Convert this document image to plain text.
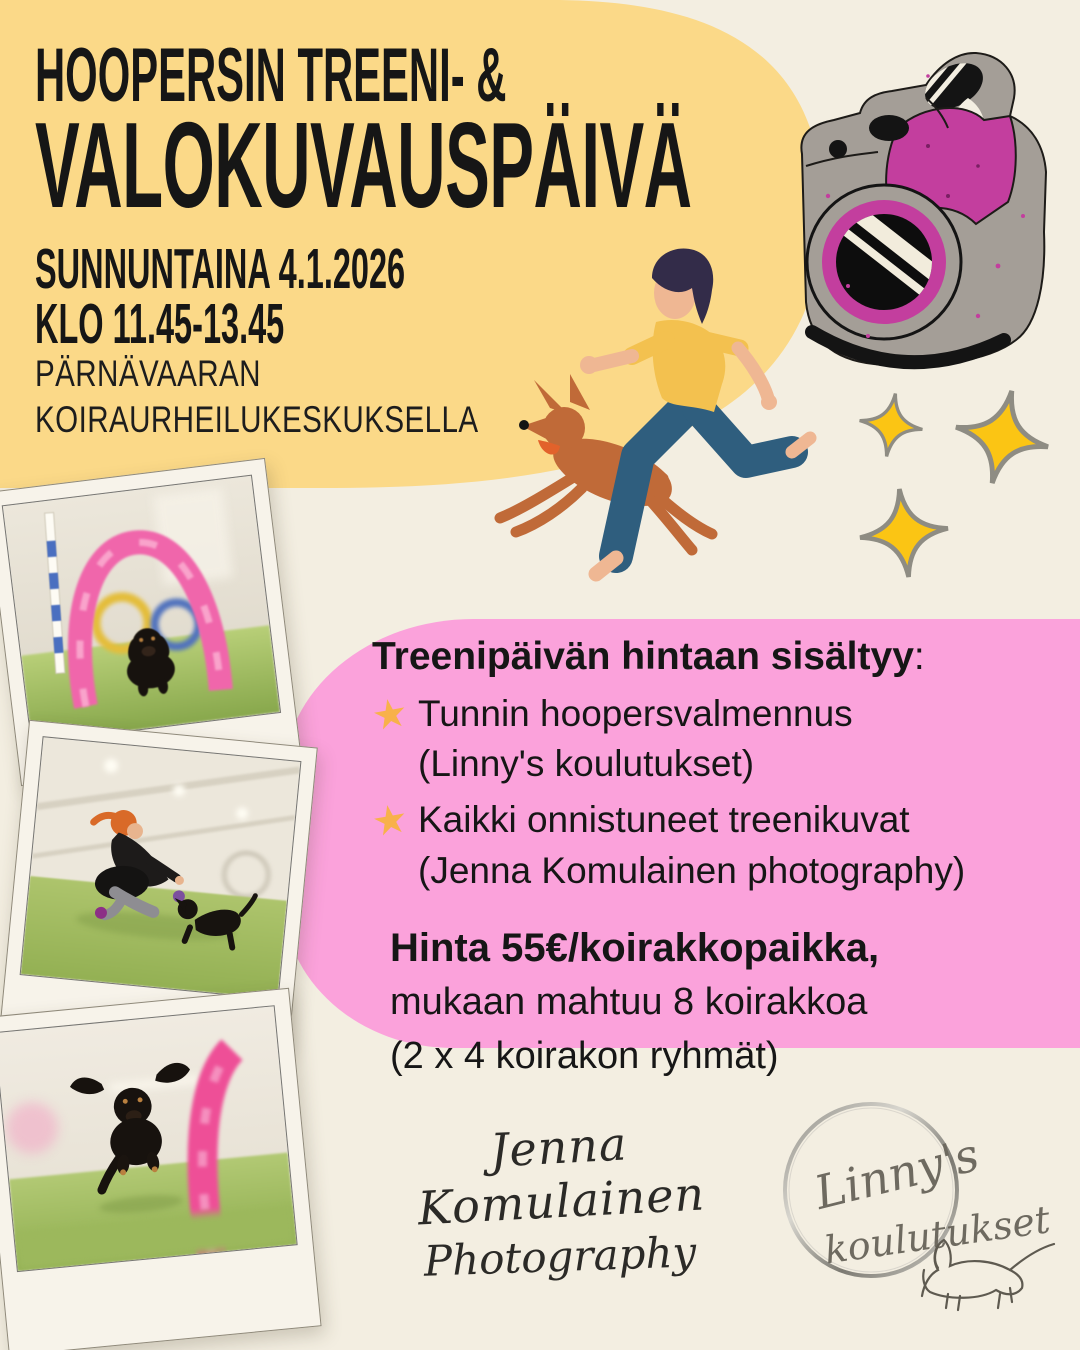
HOOPERSIN TREENI- &
VALOKUVAUSPÄIVÄ
SUNNUNTAINA 4.1.2026
KLO 11.45-13.45
PÄRNÄVAARAN
KOIRAURHEILUKESKUKSELLA
Treenipäivän hintaan sisältyy:
★ Tunnin hoopersvalmennus
(Linny's koulutukset)
★ Kaikki onnistuneet treenikuvat
(Jenna Komulainen photography)
Hinta 55€/koirakkopaikka,
mukaan mahtuu 8 koirakkoa
(2 x 4 koirakon ryhmät)
Jenna Komulainen
Photography
Linny's
koulutukset
